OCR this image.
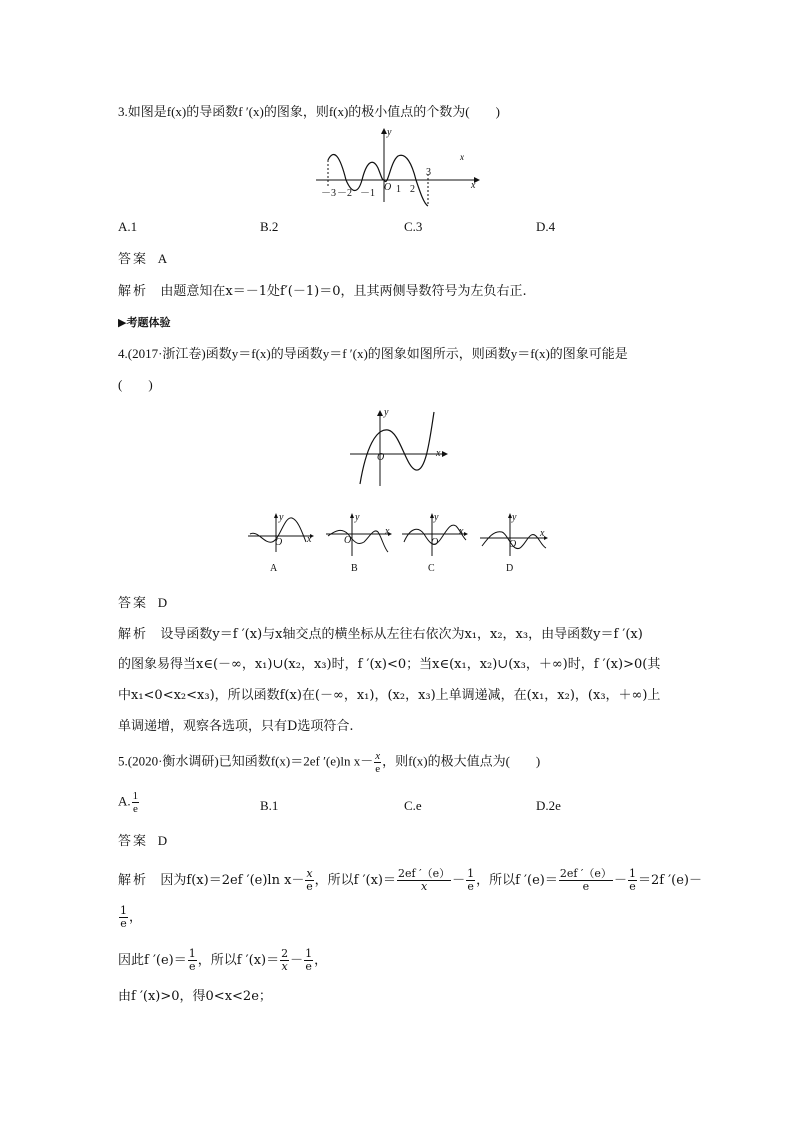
3.如图是f(x)的导函数f ′(x)的图象，则f(x)的极小值点的个数为(　　)
x
y
x
－3 －2 －1
O 1 2
3
A.1	B.2	C.3	D.4
答案 A
解析 由题意知在x＝－1处f′(－1)＝0，且其两侧导数符号为左负右正.
▶考题体验
4.(2017·浙江卷)函数y＝f(x)的导函数y＝f ′(x)的图象如图所示，则函数y＝f(x)的图象可能是
(　　)
y
x
O
y
x
O
A
y
x
O
B
y
x
O
C
y
x
O
D
答案 D
解析 设导函数y＝f ′(x)与x轴交点的横坐标从左往右依次为x₁，x₂，x₃，由导函数y＝f ′(x)
的图象易得当x∈(－∞，x₁)∪(x₂，x₃)时，f ′(x)<0；当x∈(x₁，x₂)∪(x₃，＋∞)时，f ′(x)>0(其
中x₁<0<x₂<x₃)，所以函数f(x)在(－∞，x₁)，(x₂，x₃)上单调递减，在(x₁，x₂)，(x₃，＋∞)上
单调递增，观察各选项，只有D选项符合.
5.(2020·衡水调研)已知函数f(x)＝2ef ′(e)ln $x- \frac{x}{e}$ ，则f(x)的极大值点为(　　)
A. $\frac{1}{e}$	B.1	C.e	D.2e
答案 D
解析 因为f(x)＝2ef ′(e)ln $x- \frac{x}{e}$ ，所以f $'(x)= \frac{2ef '(e)}{x} - \frac{1}{e}$ ，所以f $'(e)= \frac{2ef '(e)}{e} - \frac{1}{e} =2f$ ′(e)－
$\frac{1}{e}$ ，
因此f $'(e)= \frac{1}{e}$ ，所以f $'(x)= \frac{2}{x} - \frac{1}{e}$ ，
由f ′(x)>0，得0<x<2e；
